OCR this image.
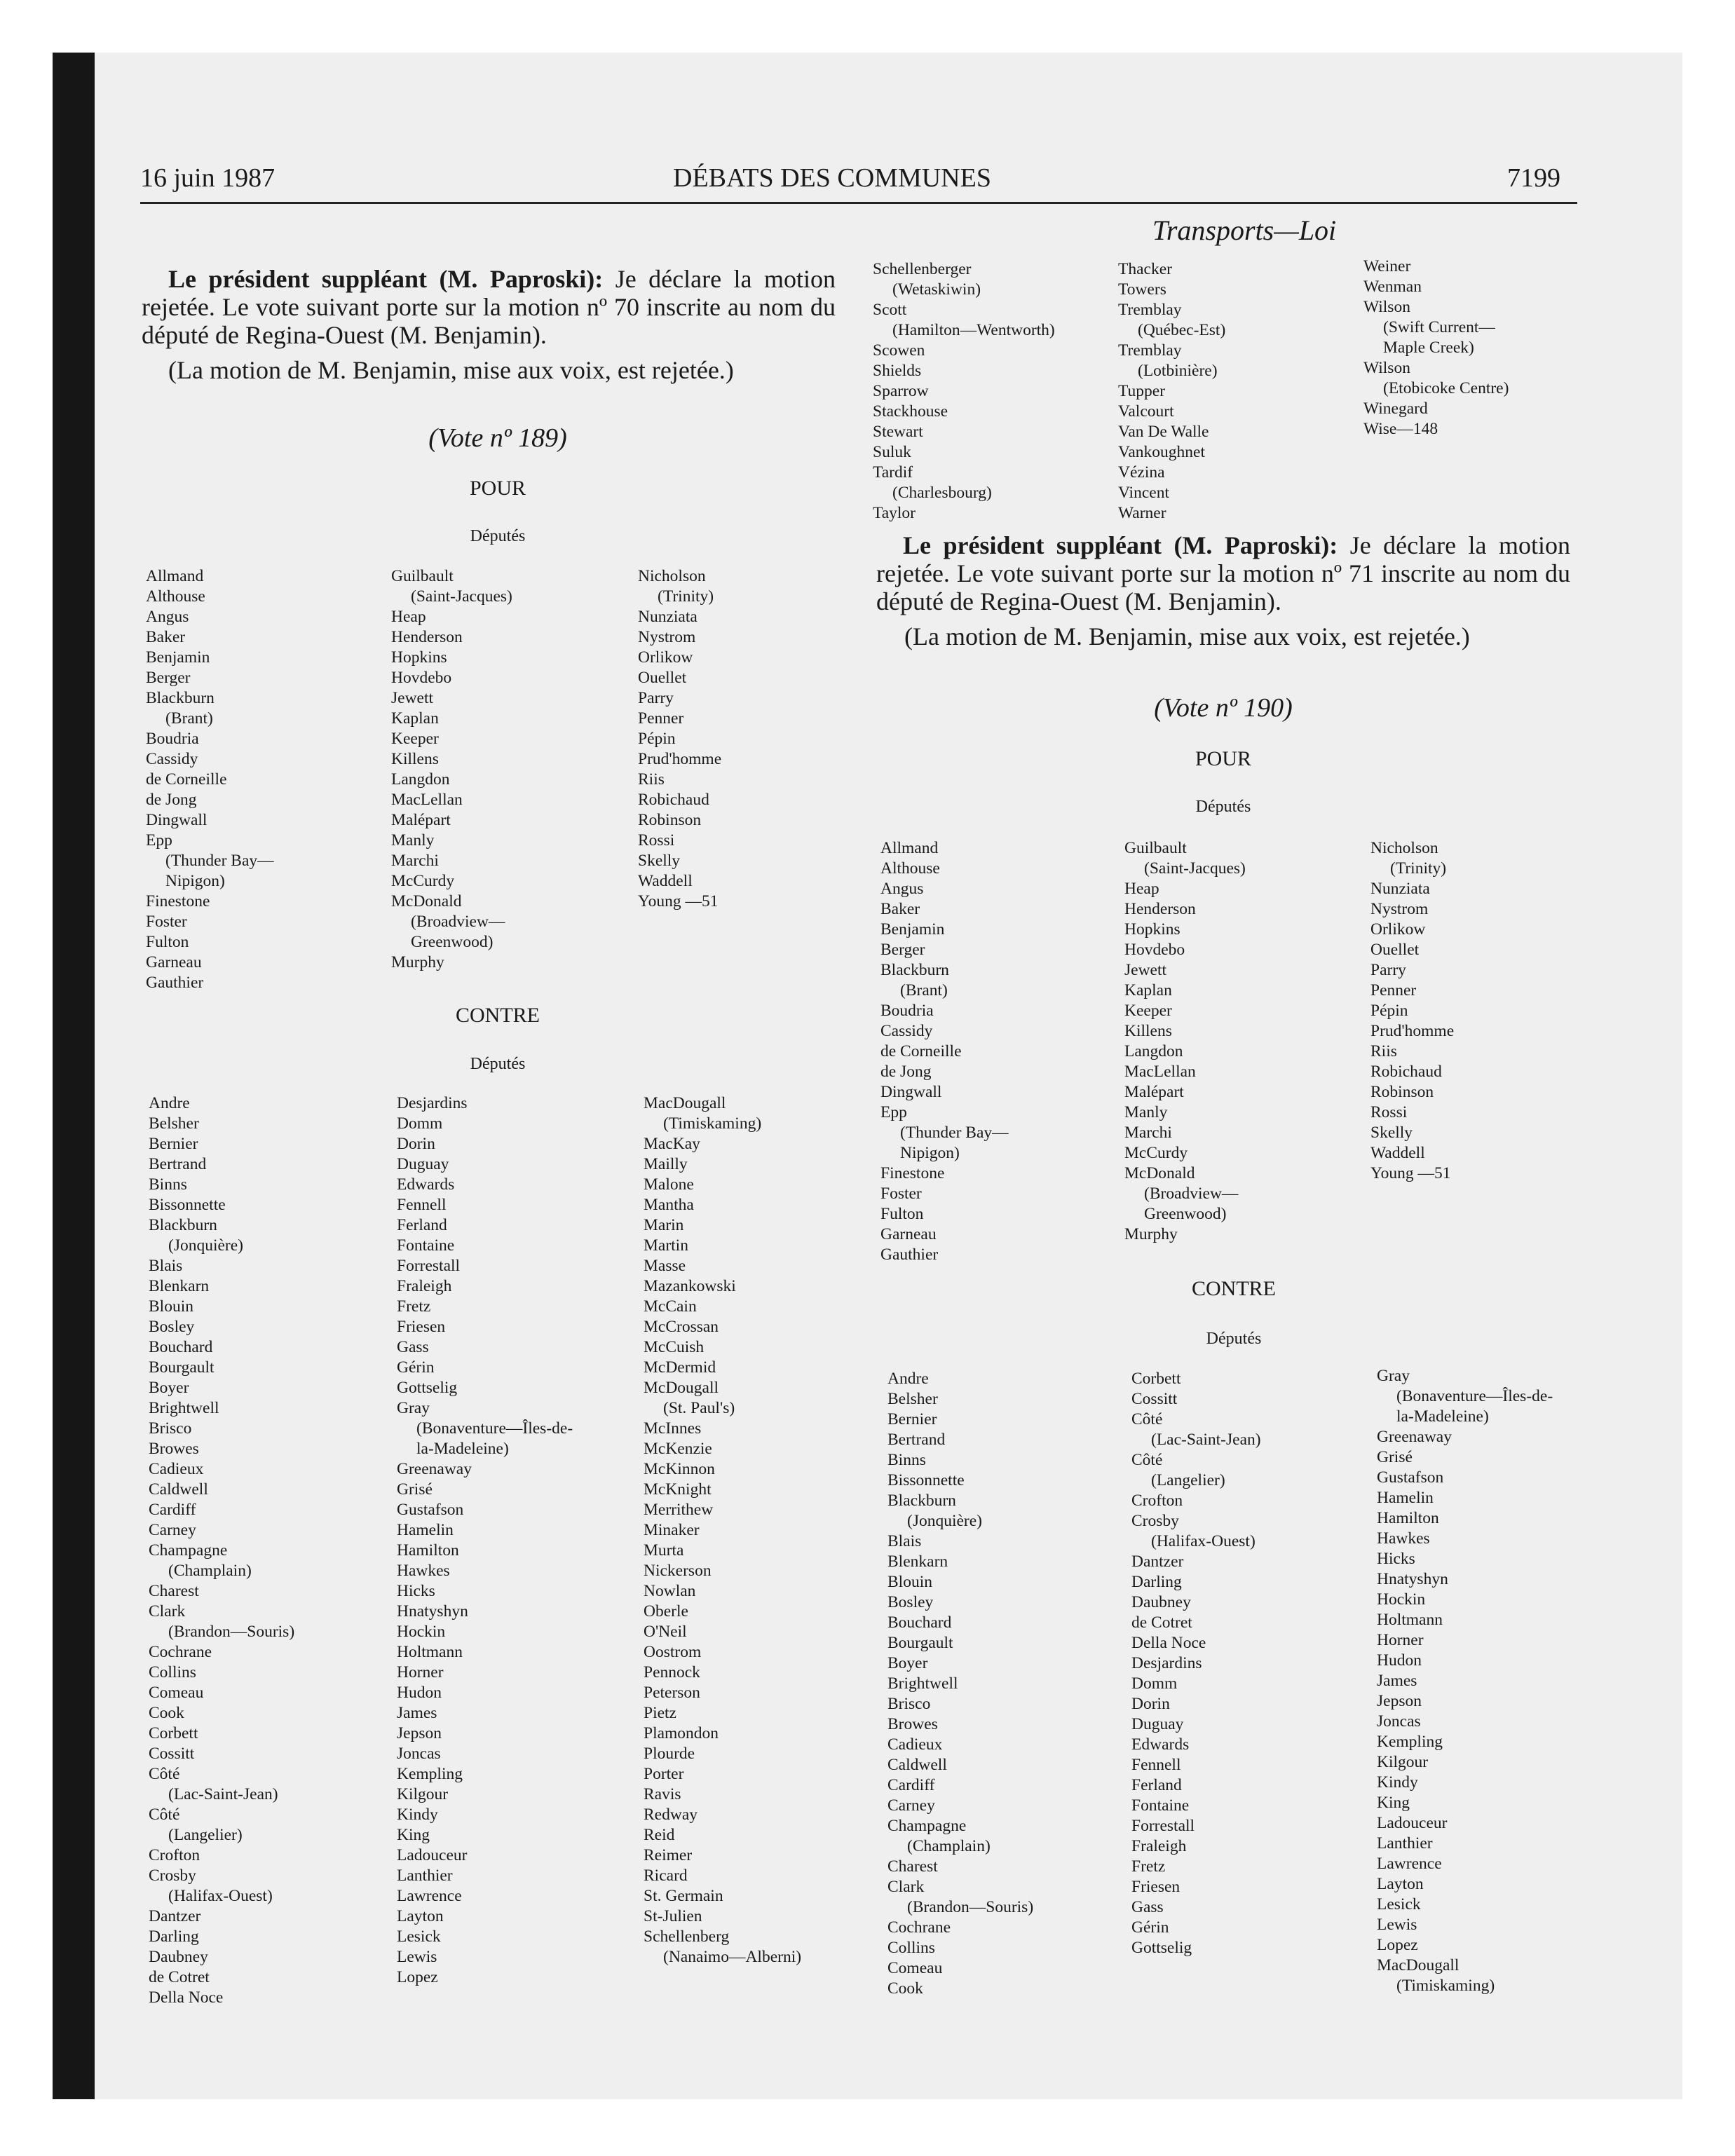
16 juin 1987	DÉBATS DES COMMUNES	7199
Transports—Loi
Le président suppléant (M. Paproski): Je déclare la motion rejetée. Le vote suivant porte sur la motion nº 70 inscrite au nom du député de Regina-Ouest (M. Benjamin).
(La motion de M. Benjamin, mise aux voix, est rejetée.)
(Vote nº 189)
POUR
Députés
Allmand
Althouse
Angus
Baker
Benjamin
Berger
Blackburn
(Brant)
Boudria
Cassidy
de Corneille
de Jong
Dingwall
Epp
(Thunder Bay—
Nipigon)
Finestone
Foster
Fulton
Garneau
Gauthier
Guilbault
(Saint-Jacques)
Heap
Henderson
Hopkins
Hovdebo
Jewett
Kaplan
Keeper
Killens
Langdon
MacLellan
Malépart
Manly
Marchi
McCurdy
McDonald
(Broadview—
Greenwood)
Murphy
Nicholson
(Trinity)
Nunziata
Nystrom
Orlikow
Ouellet
Parry
Penner
Pépin
Prud'homme
Riis
Robichaud
Robinson
Rossi
Skelly
Waddell
Young —51
CONTRE
Députés
Andre
Belsher
Bernier
Bertrand
Binns
Bissonnette
Blackburn
(Jonquière)
Blais
Blenkarn
Blouin
Bosley
Bouchard
Bourgault
Boyer
Brightwell
Brisco
Browes
Cadieux
Caldwell
Cardiff
Carney
Champagne
(Champlain)
Charest
Clark
(Brandon—Souris)
Cochrane
Collins
Comeau
Cook
Corbett
Cossitt
Côté
(Lac-Saint-Jean)
Côté
(Langelier)
Crofton
Crosby
(Halifax-Ouest)
Dantzer
Darling
Daubney
de Cotret
Della Noce
Desjardins
Domm
Dorin
Duguay
Edwards
Fennell
Ferland
Fontaine
Forrestall
Fraleigh
Fretz
Friesen
Gass
Gérin
Gottselig
Gray
(Bonaventure—Îles-de-
la-Madeleine)
Greenaway
Grisé
Gustafson
Hamelin
Hamilton
Hawkes
Hicks
Hnatyshyn
Hockin
Holtmann
Horner
Hudon
James
Jepson
Joncas
Kempling
Kilgour
Kindy
King
Ladouceur
Lanthier
Lawrence
Layton
Lesick
Lewis
Lopez
MacDougall
(Timiskaming)
MacKay
Mailly
Malone
Mantha
Marin
Martin
Masse
Mazankowski
McCain
McCrossan
McCuish
McDermid
McDougall
(St. Paul's)
McInnes
McKenzie
McKinnon
McKnight
Merrithew
Minaker
Murta
Nickerson
Nowlan
Oberle
O'Neil
Oostrom
Pennock
Peterson
Pietz
Plamondon
Plourde
Porter
Ravis
Redway
Reid
Reimer
Ricard
St. Germain
St-Julien
Schellenberg
(Nanaimo—Alberni)
Schellenberger
(Wetaskiwin)
Scott
(Hamilton—Wentworth)
Scowen
Shields
Sparrow
Stackhouse
Stewart
Suluk
Tardif
(Charlesbourg)
Taylor
Thacker
Towers
Tremblay
(Québec-Est)
Tremblay
(Lotbinière)
Tupper
Valcourt
Van De Walle
Vankoughnet
Vézina
Vincent
Warner
Weiner
Wenman
Wilson
(Swift Current—
Maple Creek)
Wilson
(Etobicoke Centre)
Winegard
Wise—148
Le président suppléant (M. Paproski): Je déclare la motion rejetée. Le vote suivant porte sur la motion nº 71 inscrite au nom du député de Regina-Ouest (M. Benjamin).
(La motion de M. Benjamin, mise aux voix, est rejetée.)
(Vote nº 190)
POUR
Députés
Allmand
Althouse
Angus
Baker
Benjamin
Berger
Blackburn
(Brant)
Boudria
Cassidy
de Corneille
de Jong
Dingwall
Epp
(Thunder Bay—
Nipigon)
Finestone
Foster
Fulton
Garneau
Gauthier
Guilbault
(Saint-Jacques)
Heap
Henderson
Hopkins
Hovdebo
Jewett
Kaplan
Keeper
Killens
Langdon
MacLellan
Malépart
Manly
Marchi
McCurdy
McDonald
(Broadview—
Greenwood)
Murphy
Nicholson
(Trinity)
Nunziata
Nystrom
Orlikow
Ouellet
Parry
Penner
Pépin
Prud'homme
Riis
Robichaud
Robinson
Rossi
Skelly
Waddell
Young —51
CONTRE
Députés
Andre
Belsher
Bernier
Bertrand
Binns
Bissonnette
Blackburn
(Jonquière)
Blais
Blenkarn
Blouin
Bosley
Bouchard
Bourgault
Boyer
Brightwell
Brisco
Browes
Cadieux
Caldwell
Cardiff
Carney
Champagne
(Champlain)
Charest
Clark
(Brandon—Souris)
Cochrane
Collins
Comeau
Cook
Corbett
Cossitt
Côté
(Lac-Saint-Jean)
Côté
(Langelier)
Crofton
Crosby
(Halifax-Ouest)
Dantzer
Darling
Daubney
de Cotret
Della Noce
Desjardins
Domm
Dorin
Duguay
Edwards
Fennell
Ferland
Fontaine
Forrestall
Fraleigh
Fretz
Friesen
Gass
Gérin
Gottselig
Gray
(Bonaventure—Îles-de-
la-Madeleine)
Greenaway
Grisé
Gustafson
Hamelin
Hamilton
Hawkes
Hicks
Hnatyshyn
Hockin
Holtmann
Horner
Hudon
James
Jepson
Joncas
Kempling
Kilgour
Kindy
King
Ladouceur
Lanthier
Lawrence
Layton
Lesick
Lewis
Lopez
MacDougall
(Timiskaming)
